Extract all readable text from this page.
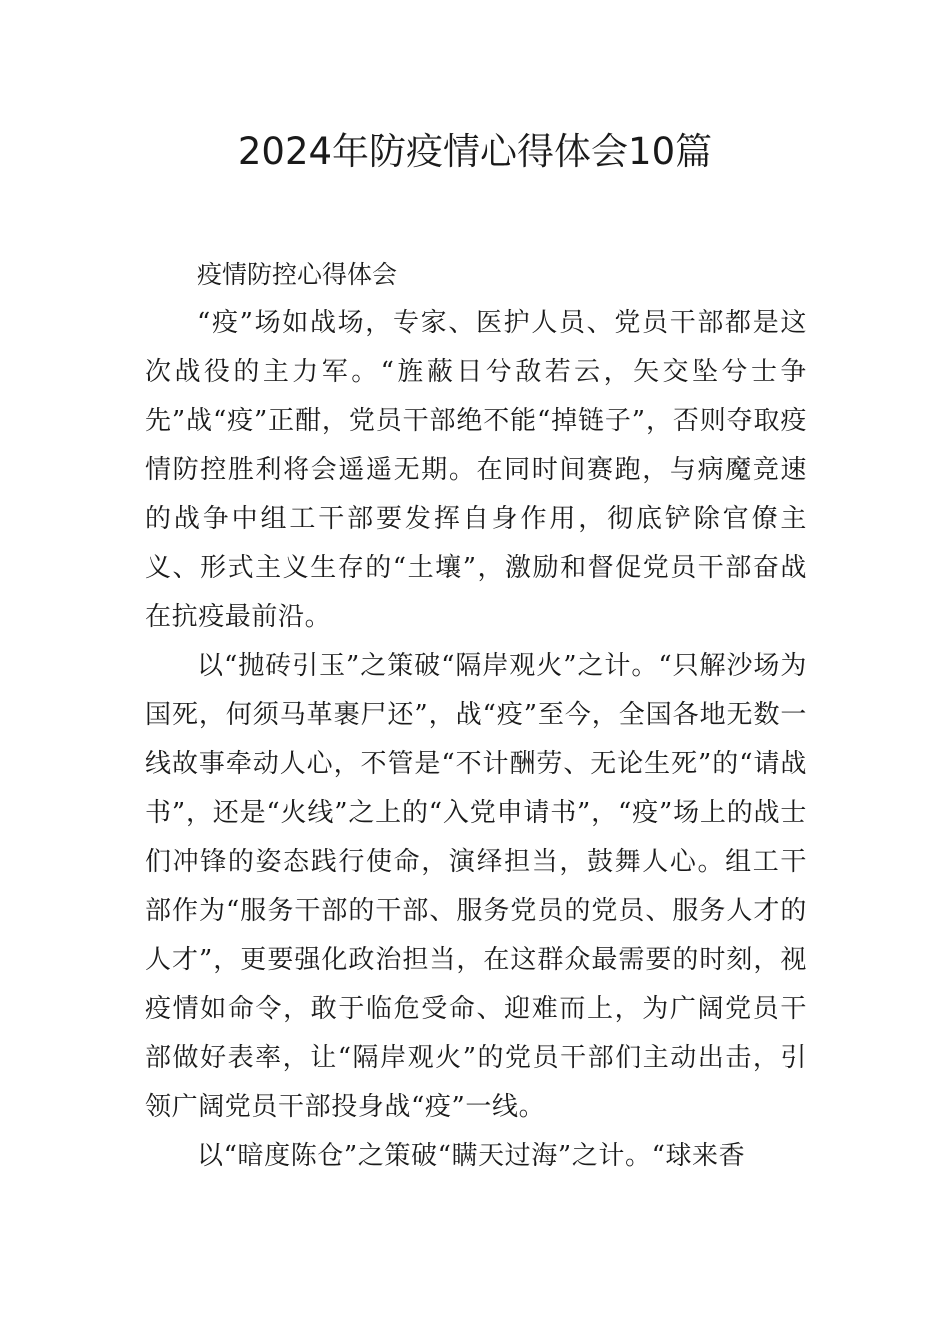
2024年防疫情心得体会10篇

疫情防控心得体会

“疫”场如战场，专家、医护人员、党员干部都是这次战役的主力军。“旌蔽日兮敌若云，矢交坠兮士争先”战“疫”正酣，党员干部绝不能“掉链子”，否则夺取疫情防控胜利将会遥遥无期。在同时间赛跑，与病魔竞速的战争中组工干部要发挥自身作用，彻底铲除官僚主义、形式主义生存的“土壤”，激励和督促党员干部奋战在抗疫最前沿。

以“抛砖引玉”之策破“隔岸观火”之计。“只解沙场为国死，何须马革裹尸还”，战“疫”至今，全国各地无数一线故事牵动人心，不管是“不计酬劳、无论生死”的“请战书”，还是“火线”之上的“入党申请书”，“疫”场上的战士们冲锋的姿态践行使命，演绎担当，鼓舞人心。组工干部作为“服务干部的干部、服务党员的党员、服务人才的人才”，更要强化政治担当，在这群众最需要的时刻，视疫情如命令，敢于临危受命、迎难而上，为广阔党员干部做好表率，让“隔岸观火”的党员干部们主动出击，引领广阔党员干部投身战“疫”一线。

以“暗度陈仓”之策破“瞒天过海”之计。“球来香
